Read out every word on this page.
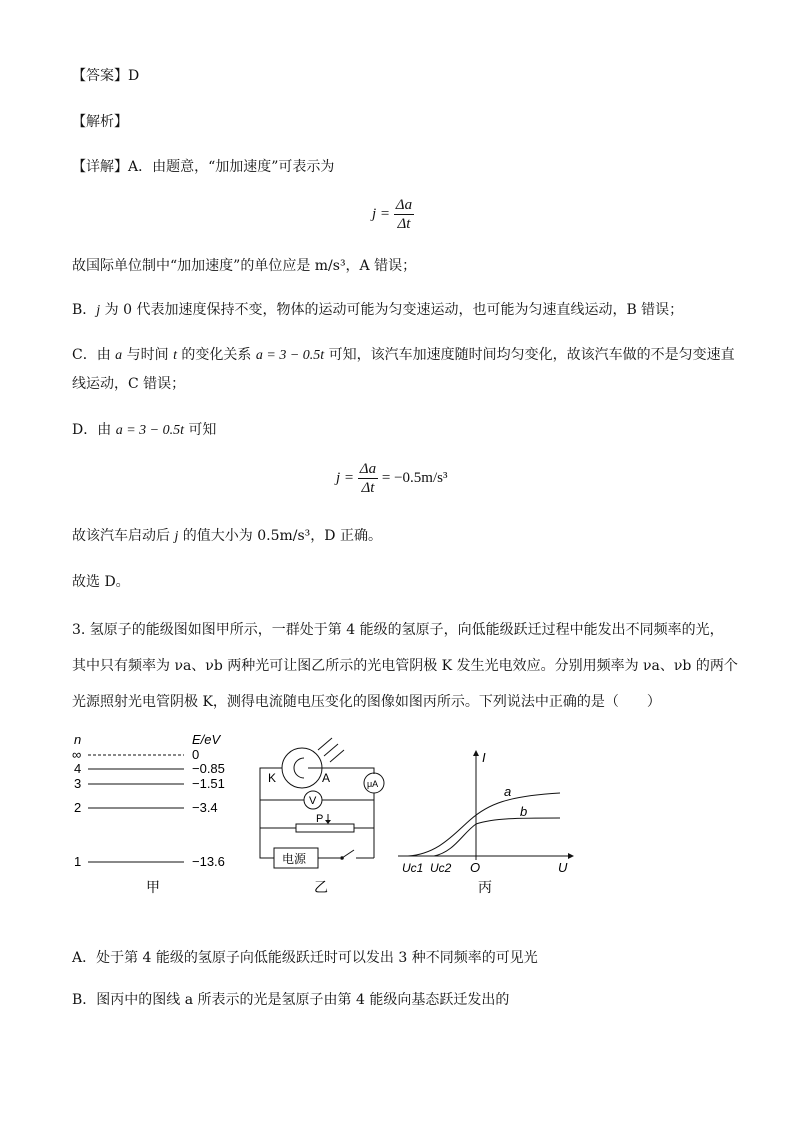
【答案】D
【解析】
【详解】A．由题意，“加加速度”可表示为
$j = \frac{\Delta a}{\Delta t}$
故国际单位制中“加加速度”的单位应是 m/s³，A 错误；
B．j 为 0 代表加速度保持不变，物体的运动可能为匀变速运动，也可能为匀速直线运动，B 错误；
C．由 a 与时间 t 的变化关系 a = 3 − 0.5t 可知，该汽车加速度随时间均匀变化，故该汽车做的不是匀变速直
线运动，C 错误；
D．由 a = 3 − 0.5t 可知
$j = \frac{\Delta a}{\Delta t} = -0.5m/s^3$
故该汽车启动后 j 的值大小为 0.5m/s³，D 正确。
故选 D。
3. 氢原子的能级图如图甲所示，一群处于第 4 能级的氢原子，向低能级跃迁过程中能发出不同频率的光，
其中只有频率为 νa、νb 两种光可让图乙所示的光电管阴极 K 发生光电效应。分别用频率为 νa、νb 的两个
光源照射光电管阴极 K，测得电流随电压变化的图像如图丙所示。下列说法中正确的是（　　）
n	E/eV
∞	0
4	−0.85
3	−1.51
2	−3.4
1	−13.6
甲
K	A	μA
V
P
电源
乙
I
U
O
Uc1 Uc2
a
b
丙
A．处于第 4 能级的氢原子向低能级跃迁时可以发出 3 种不同频率的可见光
B．图丙中的图线 a 所表示的光是氢原子由第 4 能级向基态跃迁发出的
